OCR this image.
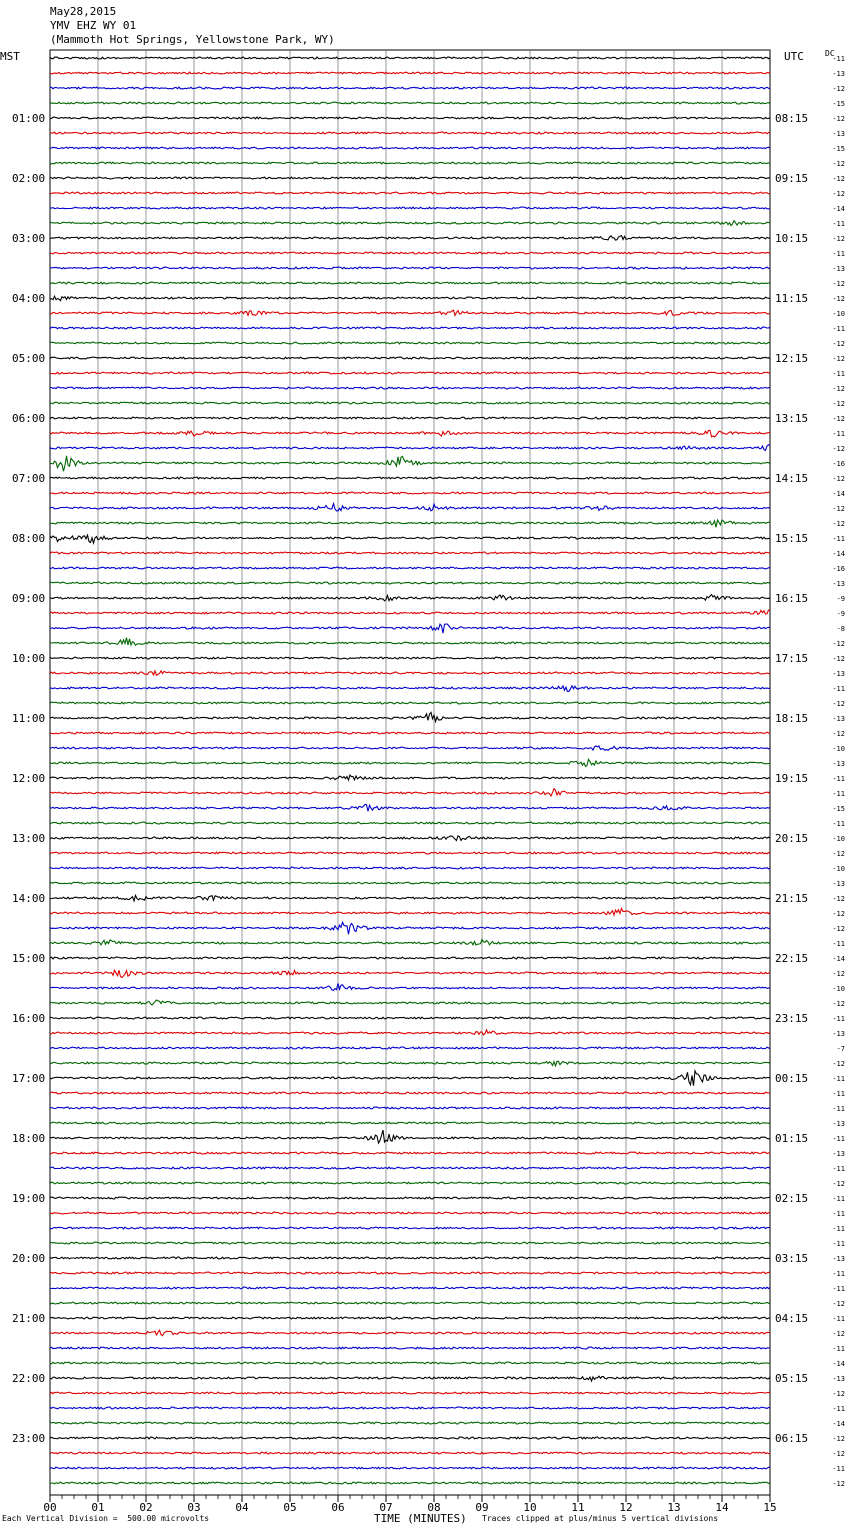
May28,2015
YMV EHZ WY 01
(Mammoth Hot Springs, Yellowstone Park, WY)
00	01	02	03	04	05	06	07	08	09	10	11	12	13	14	15
MST	UTC	DC
-11
-13
-12
-15
-12
01:00	08:15
-13
-15
-12
-12
02:00	09:15
-12
-14
-11
-12
03:00	10:15
-11
-13
-12
-12
04:00	11:15
-10
-11
-12
-12
05:00	12:15
-11
-12
-12
-12
06:00	13:15
-11
-12
-16
-12
07:00	14:15
-14
-12
-12
-11
08:00	15:15
-14
-16
-13
-9
09:00	16:15
-9
-8
-12
-12
10:00	17:15
-13
-11
-12
-13
11:00	18:15
-12
-10
-13
-11
12:00	19:15
-11
-15
-11
-10
13:00	20:15
-12
-10
-13
-12
14:00	21:15
-12
-12
-11
-14
15:00	22:15
-12
-10
-12
-11
16:00	23:15
-13
-7
-12
-11
17:00	00:15
-11
-11
-13
-11
18:00	01:15
-13
-11
-12
-11
19:00	02:15
-11
-11
-11
-13
20:00	03:15
-11
-11
-12
-11
21:00	04:15
-12
-11
-14
-13
22:00	05:15
-12
-11
-14
-12
23:00	06:15
-12
-11
-12
Each Vertical Division =  500.00 microvolts	TIME (MINUTES) Traces clipped at plus/minus 5 vertical divisions
